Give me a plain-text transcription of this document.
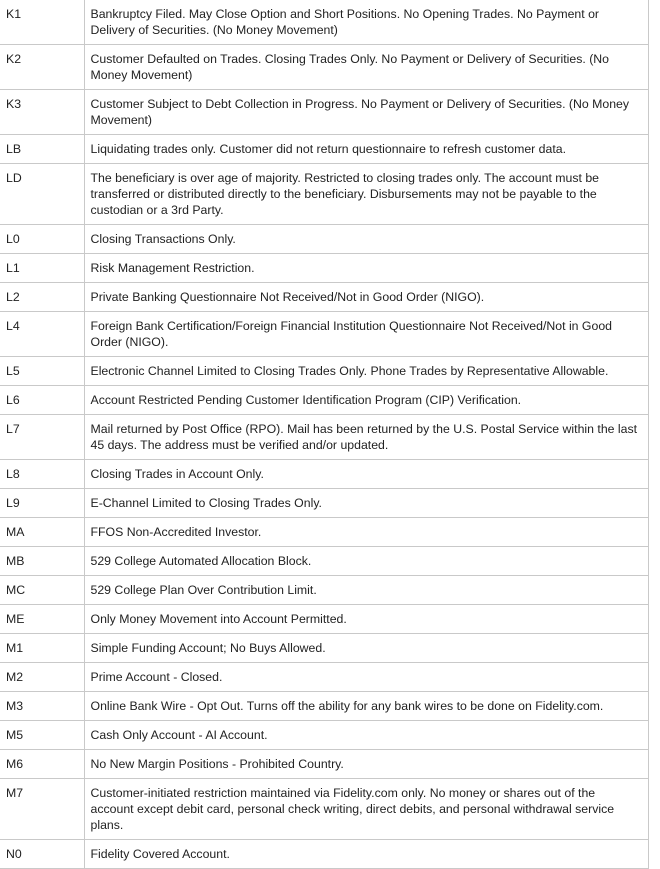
K1	Bankruptcy Filed. May Close Option and Short Positions. No Opening Trades. No Payment or Delivery of Securities. (No Money Movement)
K2	Customer Defaulted on Trades. Closing Trades Only. No Payment or Delivery of Securities. (No Money Movement)
K3	Customer Subject to Debt Collection in Progress. No Payment or Delivery of Securities. (No Money Movement)
LB	Liquidating trades only. Customer did not return questionnaire to refresh customer data.
LD	The beneficiary is over age of majority. Restricted to closing trades only. The account must be transferred or distributed directly to the beneficiary. Disbursements may not be payable to the custodian or a 3rd Party.
L0	Closing Transactions Only.
L1	Risk Management Restriction.
L2	Private Banking Questionnaire Not Received/Not in Good Order (NIGO).
L4	Foreign Bank Certification/Foreign Financial Institution Questionnaire Not Received/Not in Good Order (NIGO).
L5	Electronic Channel Limited to Closing Trades Only. Phone Trades by Representative Allowable.
L6	Account Restricted Pending Customer Identification Program (CIP) Verification.
L7	Mail returned by Post Office (RPO). Mail has been returned by the U.S. Postal Service within the last 45 days. The address must be verified and/or updated.
L8	Closing Trades in Account Only.
L9	E-Channel Limited to Closing Trades Only.
MA	FFOS Non-Accredited Investor.
MB	529 College Automated Allocation Block.
MC	529 College Plan Over Contribution Limit.
ME	Only Money Movement into Account Permitted.
M1	Simple Funding Account; No Buys Allowed.
M2	Prime Account - Closed.
M3	Online Bank Wire - Opt Out. Turns off the ability for any bank wires to be done on Fidelity.com.
M5	Cash Only Account - AI Account.
M6	No New Margin Positions - Prohibited Country.
M7	Customer-initiated restriction maintained via Fidelity.com only. No money or shares out of the account except debit card, personal check writing, direct debits, and personal withdrawal service plans.
N0	Fidelity Covered Account.
